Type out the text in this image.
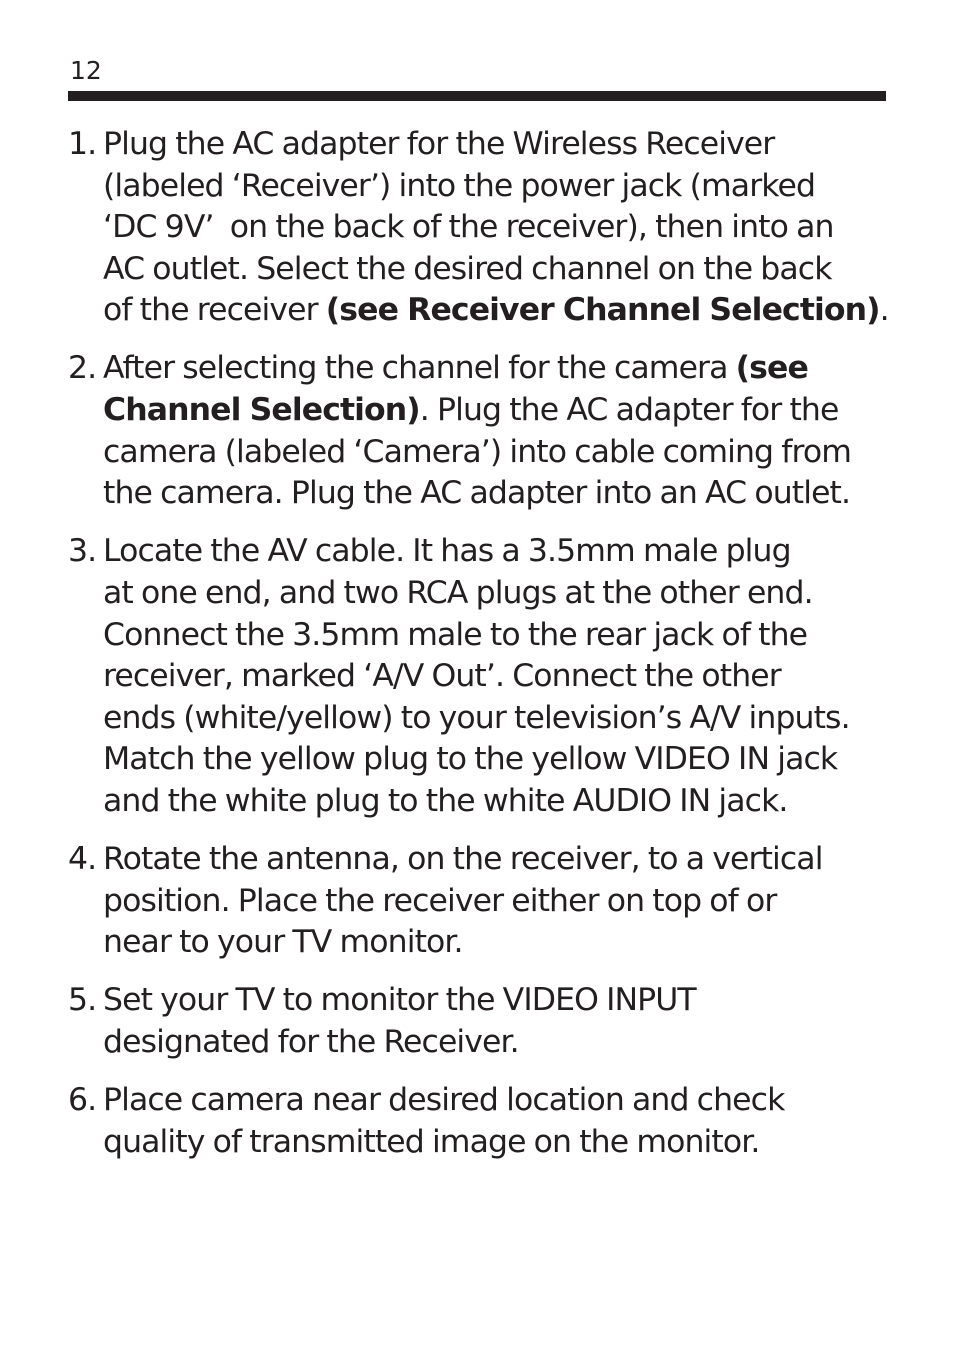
12
1. Plug the AC adapter for the Wireless Receiver
(labeled ‘Receiver’) into the power jack (marked
‘DC 9V’  on the back of the receiver), then into an
AC outlet. Select the desired channel on the back
of the receiver (see Receiver Channel Selection).
2. After selecting the channel for the camera (see
Channel Selection). Plug the AC adapter for the
camera (labeled ‘Camera’) into cable coming from
the camera. Plug the AC adapter into an AC outlet.
3. Locate the AV cable. It has a 3.5mm male plug
at one end, and two RCA plugs at the other end.
Connect the 3.5mm male to the rear jack of the
receiver, marked ‘A/V Out’. Connect the other
ends (white/yellow) to your television’s A/V inputs.
Match the yellow plug to the yellow VIDEO IN jack
and the white plug to the white AUDIO IN jack.
4. Rotate the antenna, on the receiver, to a vertical
position. Place the receiver either on top of or
near to your TV monitor.
5. Set your TV to monitor the VIDEO INPUT
designated for the Receiver.
6. Place camera near desired location and check
quality of transmitted image on the monitor.
